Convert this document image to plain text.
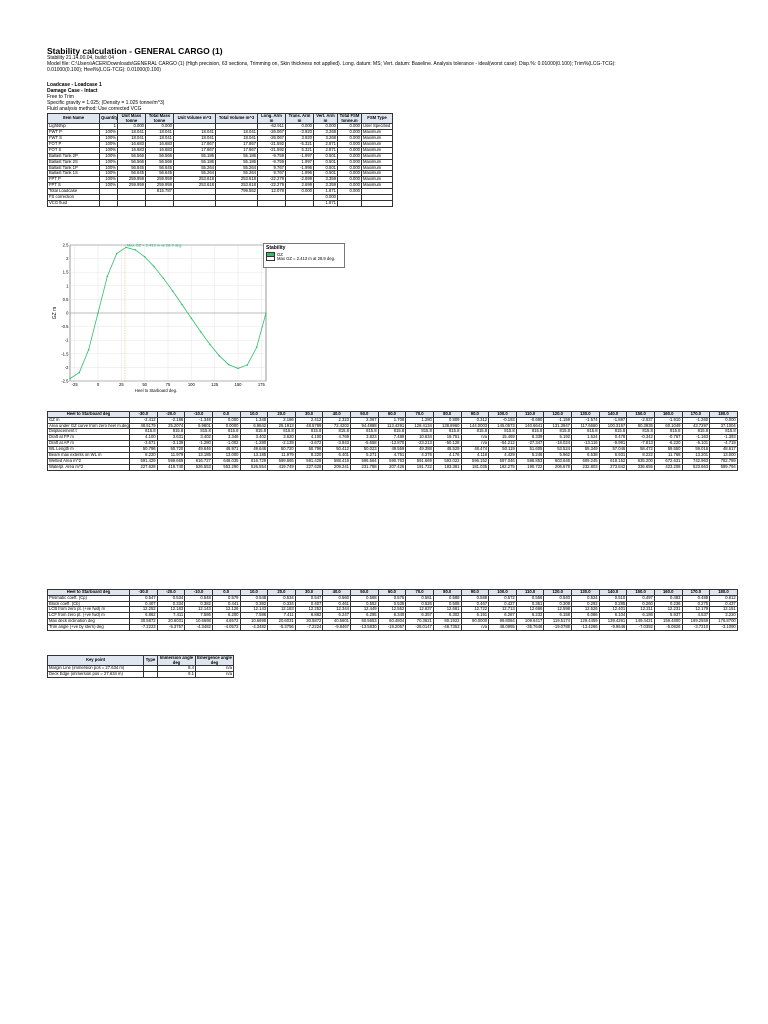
Stability calculation - GENERAL CARGO (1)
Stability 21.14.00.04, build: 04
Model file: C:\Users\ACER\Downloads\GENERAL CARGO (1) (High precision, 63 sections, Trimming on, Skin thickness not applied). Long. datum: MS; Vert. datum: Baseline. Analysis tolerance - ideal(worst case): Disp.%: 0.01000(0.100); Trim%(LCG-TCG):
0.01000(0.100); Heel%(LCG-TCG): 0.01000(0.100)
Loadcase - Loadcase 1
Damage Case - Intact
Free to Trim
Specific gravity = 1.025; (Density = 1.025 tonne/m^3)
Fluid analysis method: Use corrected VCG
Item Name	Quantity	Unit Mass tonne	Total Mass tonne	Unit Volume m^3	Total Volume m^3	Long. Arm m	Trans. Arm m	Vert. Arm m	Total FSM tonne.m	FSM Type
Lightship	1	0.000	0.000			-62.911	0.000	0.000	0.000	User Specified
FWT P	100%	18.041	18.041	18.041	18.041	-26.067	-3.920	3.268	0.000	Maximum
FWT S	100%	18.041	18.041	18.041	18.041	-26.067	3.920	3.268	0.000	Maximum
FOT P	100%	16.683	16.683	17.867	17.867	-21.592	-5.321	2.871	0.000	Maximum
FOT S	100%	16.683	16.683	17.867	17.867	-21.592	5.321	2.871	0.000	Maximum
Ballast Tank 2P	100%	56.566	56.566	55.186	55.186	-9.759	-1.997	0.501	0.000	Maximum
Ballast Tank 2S	100%	56.566	56.566	55.186	55.186	-9.759	1.997	0.501	0.000	Maximum
Ballast Tank 1P	100%	56.645	56.645	55.264	55.264	9.767	-1.996	0.501	0.000	Maximum
Ballast Tank 1S	100%	56.645	56.645	55.264	55.264	9.767	1.996	0.501	0.000	Maximum
FPT P	100%	259.959	259.959	253.618	253.618	-22.279	-2.699	3.359	0.000	Maximum
FPT S	100%	259.959	259.959	253.618	253.618	-22.279	2.699	3.359	0.000	Maximum
Total Loadcase			815.787		799.552	12.078	0.000	1.871	0.000	
FS correction								0.000		
VCG fluid								1.871		
2.5
2
1.5
1
0.5
0
-0.5
-1
-1.5
-2
-2.5
-25	0	25	50	75	100	125	150	175
Heel to Starboard deg.
GZ m
Max GZ = 2.413 m at 28.9 deg.
Stability
GZ
Max GZ = 2.413 m at 28.9 deg.
Heel to Starboard deg	-30.0	-20.0	-10.0	0.0	10.0	20.0	30.0	40.0	50.0	60.0	70.0	80.0	90.0	100.0	110.0	120.0	130.0	140.0	150.0	160.0	170.0	180.0
GZ m	-2.412	-2.186	-1.348	0.000	1.348	2.186	2.412	2.323	2.067	1.708	1.280	0.809	0.312	-0.193	-0.690	-1.159	-1.574	-1.897	-2.037	-1.910	-1.260	0.000
Area under GZ curve from zero heel m.deg	48.5179	25.2074	6.9801	0.0000	6.9842	25.1913	48.5789	72.4202	94.4888	113.4291	128.4134	138.8960	144.0003	145.0573	140.6641	131.3947	117.6660	100.3157	80.3935	60.1049	43.7297	37.1004
Displacement t	815.8	815.8	815.8	815.8	815.8	815.8	815.8	815.8	815.8	815.8	815.8	815.8	815.8	815.8	815.8	815.8	815.8	815.8	815.8	815.8	815.8	815.8
Draft at FP m	4.100	3.631	3.402	3.346	3.402	3.620	4.100	4.769	3.823	7.489	10.634	19.751	n/a	15.469	8.339	5.192	1.524	0.478	-0.342	-0.767	-1.163	-1.393
Draft at AP m	-3.671	-3.139	-1.280	-1.002	-1.280	-2.139	-3.672	-3.843	-5.658	-13.870	-23.213	-50.128	n/a	-54.212	-27.347	-18.024	-13.116	-9.991	-7.813	-6.220	-5.101	-4.719
WL Length m	50.796	50.720	49.646	46.971	49.646	50.720	50.796	50.412	50.023	49.559	49.388	48.529	48.474	50.119	51.605	53.524	55.349	57.046	58.472	59.550	59.016	48.617
Beam max extents on WL m	8.220	11.979	13.185	13.000	13.185	11.979	8.220	6.401	5.271	4.751	4.376	4.176	4.116	4.429	5.246	5.962	6.538	6.931	8.222	11.768	13.201	13.000
Wetted Area m^2	591.429	599.669	616.727	648.035	616.729	599.665	591.428	588.419	596.564	590.763	591.669	593.022	596.152	597.046	598.853	603.646	609.245	618.152	635.200	672.631	742.963	782.789
Waterpl. Area m^2	227.628	419.740	526.553	553.290	526.554	419.749	227.628	209.241	231.788	207.426	191.722	183.381	181.035	182.275	190.722	206.678	232.803	273.842	336.655	423.208	523.663	589.794
Heel to Starboard deg	-30.0	-20.0	-10.0	0.0	10.0	20.0	30.0	40.0	50.0	60.0	70.0	80.0	90.0	100.0	110.0	120.0	130.0	140.0	150.0	160.0	170.0	180.0
Prismatic coeff. (Cp)	0.547	0.534	0.548	0.579	0.548	0.534	0.547	0.560	0.568	0.575	0.581	0.588	0.588	0.572	0.556	0.540	0.524	0.510	0.497	0.483	0.489	0.612
Block coeff. (Cb)	0.407	0.334	0.382	0.441	0.382	0.334	0.407	0.461	0.552	0.535	0.526	0.508	0.467	0.427	0.351	0.309	0.292	0.285	0.260	0.236	0.275	0.437
LCB from zero pt. (+ve fwd) m	12.252	12.183	12.143	12.126	12.143	12.183	12.252	12.344	12.449	12.552	12.637	12.681	12.722	12.713	12.666	12.598	12.526	12.401	12.211	12.231	12.179	12.151
LCF from zero pt. (+ve fwd) m	6.862	7.411	7.586	6.200	7.586	7.411	6.862	6.247	6.295	6.340	6.357	6.302	6.191	6.287	6.232	6.158	6.086	6.104	6.186	5.937	4.537	3.220
Max deck inclination deg	30.5872	20.6031	10.6698	4.6572	10.6698	20.6031	30.5872	40.5601	50.5653	60.4804	70.3621	80.1922	90.0000	99.8084	109.6417	119.5174	129.4459	139.4261	149.4421	159.4800	169.2559	176.8700
Trim angle (+ve by stern) deg	-7.2223	-5.3757	-4.3482	-4.0572	-4.3482	-5.3756	-7.2224	-9.8467	-13.5830	-19.2057	-28.0147	-48.7353	n/a	48.0955	-35.7646	-19.0788	-13.4266	-9.9646	-7.0392	-5.0826	-3.7210	-3.1090
Key point	Type	Immersion angle deg	Emergence angle deg
Margin Line (immersion pos = 27.634 m)		8.4	n/a
Deck Edge (immersion pos = 27.634 m)		9.1	n/a
